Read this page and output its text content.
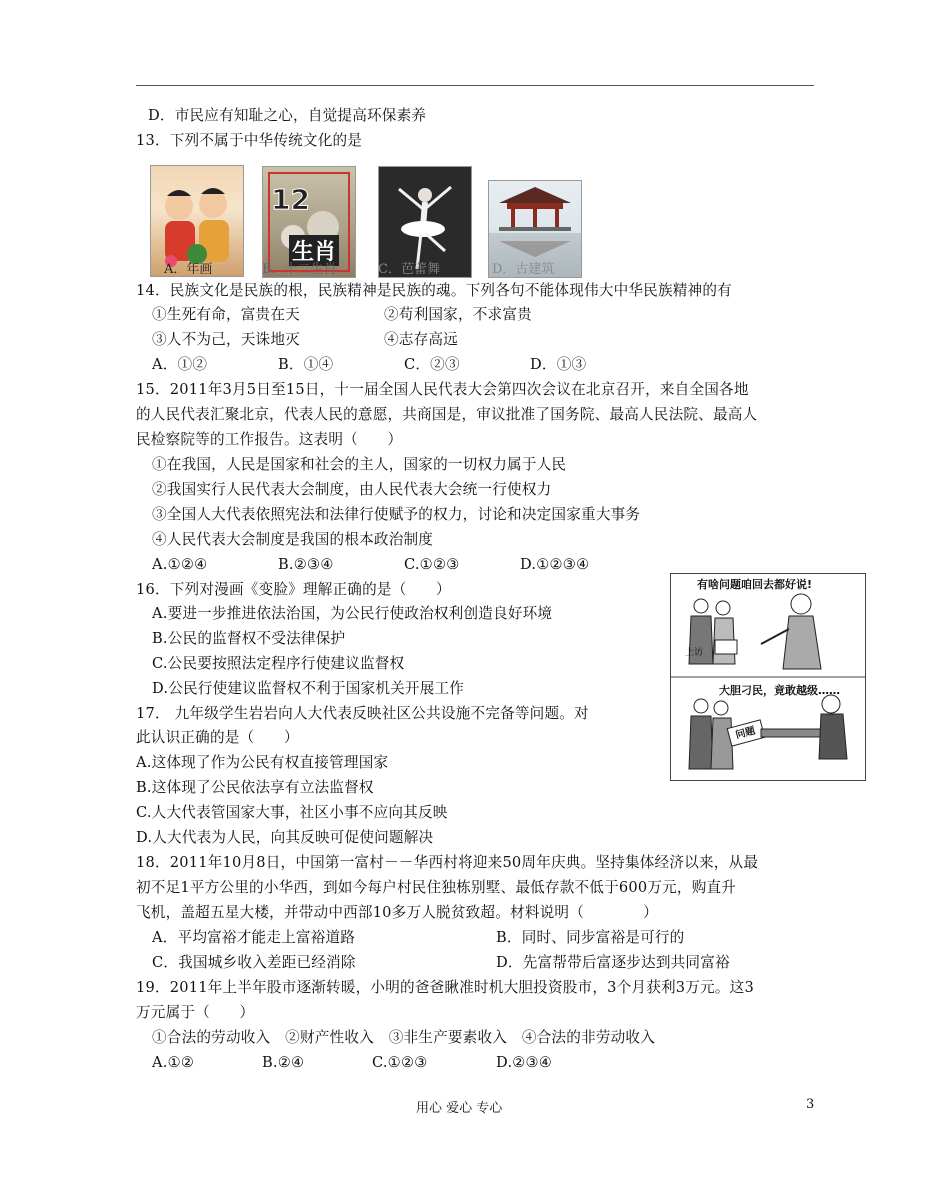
D．市民应有知耻之心，自觉提高环保素养
13．下列不属于中华传统文化的是
12
生肖
A．年画	B．十二生肖	C．芭蕾舞	D．古建筑
14．民族文化是民族的根，民族精神是民族的魂。下列各句不能体现伟大中华民族精神的有
①生死有命，富贵在天	②苟利国家，不求富贵
③人不为己，天诛地灭	④志存高远
A．①②	B．①④	C．②③	D．①③
15．2011年3月5日至15日，十一届全国人民代表大会第四次会议在北京召开，来自全国各地
的人民代表汇聚北京，代表人民的意愿，共商国是，审议批准了国务院、最高人民法院、最高人
民检察院等的工作报告。这表明（　　）
①在我国，人民是国家和社会的主人，国家的一切权力属于人民
②我国实行人民代表大会制度，由人民代表大会统一行使权力
③全国人大代表依照宪法和法律行使赋予的权力，讨论和决定国家重大事务
④人民代表大会制度是我国的根本政治制度
A.①②④	B.②③④	C.①②③	D.①②③④
16．下列对漫画《变脸》理解正确的是（　　）
A.要进一步推进依法治国，为公民行使政治权利创造良好环境
B.公民的监督权不受法律保护
C.公民要按照法定程序行使建议监督权
D.公民行使建议监督权不利于国家机关开展工作
有啥问题咱回去都好说!
上访
问题
大胆刁民，竟敢越级……
17． 九年级学生岩岩向人大代表反映社区公共设施不完备等问题。对
此认识正确的是（　　）
A.这体现了作为公民有权直接管理国家
B.这体现了公民依法享有立法监督权
C.人大代表管国家大事，社区小事不应向其反映
D.人大代表为人民，向其反映可促使问题解决
18．2011年10月8日，中国第一富村－－华西村将迎来50周年庆典。坚持集体经济以来，从最
初不足1平方公里的小华西，到如今每户村民住独栋别墅、最低存款不低于600万元，购直升
飞机，盖超五星大楼，并带动中西部10多万人脱贫致超。材料说明（　　　　）
A．平均富裕才能走上富裕道路	B．同时、同步富裕是可行的
C．我国城乡收入差距已经消除	D．先富帮带后富逐步达到共同富裕
19．2011年上半年股市逐渐转暖，小明的爸爸瞅准时机大胆投资股市，3个月获利3万元。这3
万元属于（　　）
①合法的劳动收入　②财产性收入　③非生产要素收入　④合法的非劳动收入
A.①②	B.②④	C.①②③	D.②③④
用心 爱心 专心	3
